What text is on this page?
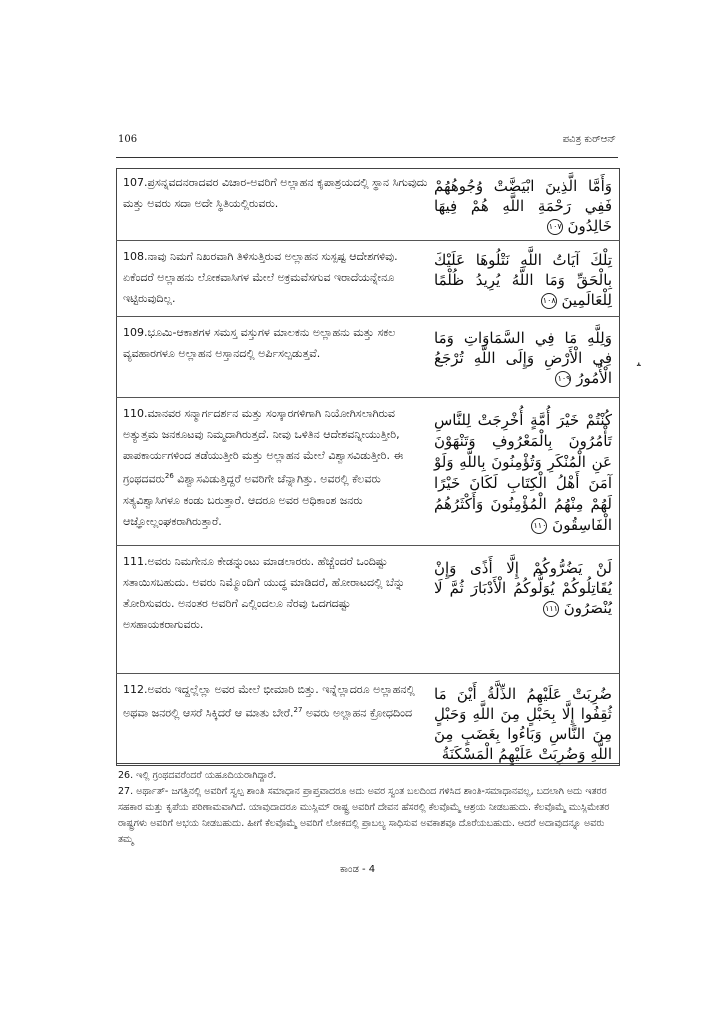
106	ಪವಿತ್ರ ಕುರ್‌ಆನ್
107.ಪ್ರಸನ್ನವದನರಾದವರ ವಿಚಾರ-ಅವರಿಗೆ ಅಲ್ಲಾಹನ ಕೃಪಾಶ್ರಯದಲ್ಲಿ ಸ್ಥಾನ ಸಿಗುವುದು ಮತ್ತು ಅವರು ಸದಾ ಅದೇ ಸ್ಥಿತಿಯಲ್ಲಿರುವರು.
وَأَمَّا الَّذِينَ ابْيَضَّتْ وُجُوهُهُمْ فَفِي رَحْمَةِ اللَّهِ هُمْ فِيهَا خَالِدُونَ ١٠٧
108.ನಾವು ನಿಮಗೆ ನಿಖರವಾಗಿ ತಿಳಿಸುತ್ತಿರುವ ಅಲ್ಲಾಹನ ಸುಸ್ಪಷ್ಟ ಆದೇಶಗಳಿವು. ಏಕೆಂದರೆ ಅಲ್ಲಾಹನು ಲೋಕವಾಸಿಗಳ ಮೇಲೆ ಅಕ್ರಮವೆಸಗುವ ಇರಾದೆಯನ್ನೇನೂ ಇಟ್ಟಿರುವುದಿಲ್ಲ.
تِلْكَ آيَاتُ اللَّهِ نَتْلُوهَا عَلَيْكَ بِالْحَقِّ وَمَا اللَّهُ يُرِيدُ ظُلْمًا لِلْعَالَمِينَ ١٠٨
109.ಭೂಮಿ-ಆಕಾಶಗಳ ಸಮಸ್ತ ವಸ್ತುಗಳ ಮಾಲಕನು ಅಲ್ಲಾಹನು ಮತ್ತು ಸಕಲ ವ್ಯವಹಾರಗಳೂ ಅಲ್ಲಾಹನ ಅಸ್ತಾನದಲ್ಲಿ ಅರ್ಪಿಸಲ್ಪಡುತ್ತವೆ.
وَلِلَّهِ مَا فِي السَّمَاوَاتِ وَمَا فِي الْأَرْضِ وَإِلَى اللَّهِ تُرْجَعُ الْأُمُورُ ١٠٩
110.ಮಾನವರ ಸನ್ಮಾರ್ಗದರ್ಶನ ಮತ್ತು ಸಂಸ್ಕಾರಗಳಿಗಾಗಿ ನಿಯೋಗಿಸಲಾಗಿರುವ ಅತ್ಯುತ್ತಮ ಜನಕೂಟವು ನಿಮ್ಮದಾಗಿರುತ್ತದೆ. ನೀವು ಒಳಿತಿನ ಆದೇಶವನ್ನೀಯುತ್ತೀರಿ, ಪಾಪಕಾರ್ಯಗಳಿಂದ ತಡೆಯುತ್ತೀರಿ ಮತ್ತು ಅಲ್ಲಾಹನ ಮೇಲೆ ವಿಶ್ವಾಸವಿಡುತ್ತೀರಿ. ಈ ಗ್ರಂಥದವರು$^{26}$ ವಿಶ್ವಾಸವಿಡುತ್ತಿದ್ದರೆ ಅವರಿಗೇ ಚೆನ್ನಾಗಿತ್ತು. ಅವರಲ್ಲಿ ಕೆಲವರು ಸತ್ಯವಿಶ್ವಾಸಿಗಳೂ ಕಂಡು ಬರುತ್ತಾರೆ. ಆದರೂ ಅವರ ಅಧಿಕಾಂಶ ಜನರು ಆಜ್ಞೋಲ್ಲಂಘಕರಾಗಿರುತ್ತಾರೆ.
كُنْتُمْ خَيْرَ أُمَّةٍ أُخْرِجَتْ لِلنَّاسِ تَأْمُرُونَ بِالْمَعْرُوفِ وَتَنْهَوْنَ عَنِ الْمُنْكَرِ وَتُؤْمِنُونَ بِاللَّهِ وَلَوْ آمَنَ أَهْلُ الْكِتَابِ لَكَانَ خَيْرًا لَهُمْ مِنْهُمُ الْمُؤْمِنُونَ وَأَكْثَرُهُمُ الْفَاسِقُونَ ١١٠
111.ಅವರು ನಿಮಗೇನೂ ಕೇಡನ್ನುಂಟು ಮಾಡಲಾರರು. ಹೆಚ್ಚೆಂದರೆ ಒಂದಿಷ್ಟು ಸತಾಯಿಸಬಹುದು. ಅವರು ನಿಮ್ಮೊಂದಿಗೆ ಯುದ್ಧ ಮಾಡಿದರೆ, ಹೋರಾಟದಲ್ಲಿ ಬೆನ್ನು ತೋರಿಸುವರು. ಅನಂತರ ಅವರಿಗೆ ಎಲ್ಲಿಂದಲೂ ನೆರವು ಒದಗದಷ್ಟು ಅಸಹಾಯಕರಾಗುವರು.
لَنْ يَضُرُّوكُمْ إِلَّا أَذًى وَإِنْ يُقَاتِلُوكُمْ يُوَلُّوكُمُ الْأَدْبَارَ ثُمَّ لَا يُنْصَرُونَ ١١١
112.ಅವರು ಇದ್ದಲ್ಲೆಲ್ಲಾ ಅವರ ಮೇಲೆ ಭೀಮಾರಿ ಬಿತ್ತು. ಇನ್ನೆಲ್ಲಾದರೂ ಅಲ್ಲಾಹನಲ್ಲಿ ಅಥವಾ ಜನರಲ್ಲಿ ಆಸರೆ ಸಿಕ್ಕಿದರೆ ಆ ಮಾತು ಬೇರೆ.$^{27}$ ಅವರು ಅಲ್ಲಾಹನ ಕ್ರೋಧದಿಂದ
ضُرِبَتْ عَلَيْهِمُ الذِّلَّةُ أَيْنَ مَا ثُقِفُوا إِلَّا بِحَبْلٍ مِنَ اللَّهِ وَحَبْلٍ مِنَ النَّاسِ وَبَاءُوا بِغَضَبٍ مِنَ اللَّهِ وَضُرِبَتْ عَلَيْهِمُ الْمَسْكَنَةُ
ﯩ

26. ಇಲ್ಲಿ ಗ್ರಂಥದವರೆಂದರೆ ಯಹೂದಿಯರಾಗಿದ್ದಾರೆ.

27. ಅರ್ಥಾತ್- ಜಗತ್ತಿನಲ್ಲಿ ಅವರಿಗೆ ಸ್ವಲ್ಪ ಶಾಂತಿ ಸಮಾಧಾನ ಪ್ರಾಪ್ತವಾದರೂ ಅದು ಅವರ ಸ್ವಂತ ಬಲದಿಂದ ಗಳಿಸಿದ ಶಾಂತಿ-ಸಮಾಧಾನವಲ್ಲ, ಬದಲಾಗಿ ಅದು ಇತರರ ಸಹಕಾರ ಮತ್ತು ಕೃಪೆಯ ಪರಿಣಾಮವಾಗಿದೆ. ಯಾವುದಾದರೂ ಮುಸ್ಲಿಮ್ ರಾಷ್ಟ್ರ ಅವರಿಗೆ ದೇವನ ಹೆಸರಲ್ಲಿ ಕೆಲವೊಮ್ಮೆ ಆಶ್ರಯ ನೀಡಬಹುದು. ಕೆಲವೊಮ್ಮೆ ಮುಸ್ಲಿಮೇತರ ರಾಷ್ಟ್ರಗಳು ಅವರಿಗೆ ಅಭಯ ನೀಡಬಹುದು. ಹೀಗೆ ಕೆಲವೊಮ್ಮೆ ಅವರಿಗೆ ಲೋಕದಲ್ಲಿ ಪ್ರಾಬಲ್ಯ ಸಾಧಿಸುವ ಅವಕಾಶವೂ ದೊರೆಯಬಹುದು. ಆದರೆ ಅದಾವುದನ್ನೂ ಅವರು ತಮ್ಮ

ಕಾಂಡ - 4
